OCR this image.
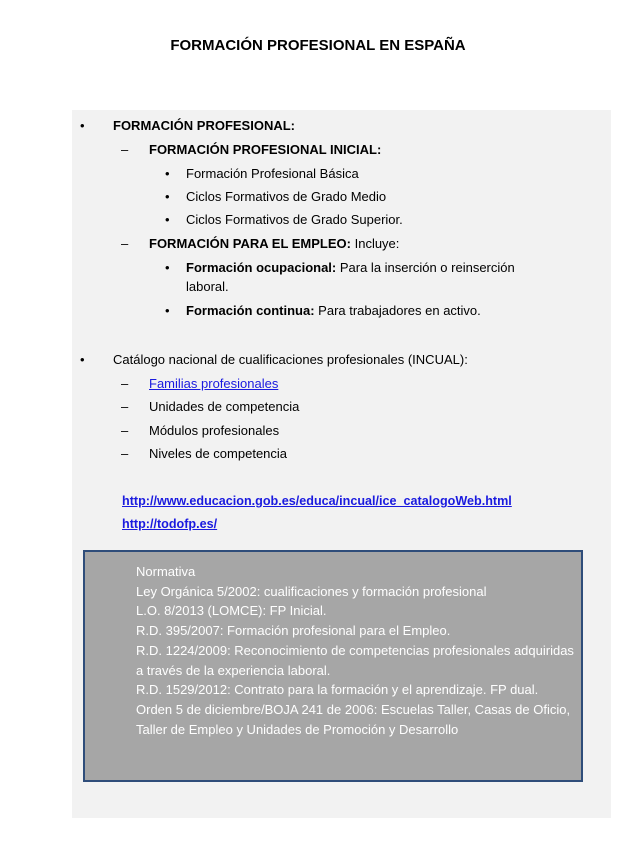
FORMACIÓN PROFESIONAL EN ESPAÑA
• FORMACIÓN PROFESIONAL:
– FORMACIÓN PROFESIONAL INICIAL:
• Formación Profesional Básica
• Ciclos Formativos de Grado Medio
• Ciclos Formativos de Grado Superior.
– FORMACIÓN PARA EL EMPLEO: Incluye:
• Formación ocupacional: Para la inserción o reinserción
laboral.
• Formación continua: Para trabajadores en activo.
• Catálogo nacional de cualificaciones profesionales (INCUAL):
– Familias profesionales
– Unidades de competencia
– Módulos profesionales
– Niveles de competencia
http://www.educacion.gob.es/educa/incual/ice_catalogoWeb.html
http://todofp.es/
Normativa
Ley Orgánica 5/2002: cualificaciones y formación profesional
L.O. 8/2013 (LOMCE): FP Inicial.
R.D. 395/2007: Formación profesional para el Empleo.
R.D. 1224/2009: Reconocimiento de competencias profesionales adquiridas a través de la experiencia laboral.
R.D. 1529/2012: Contrato para la formación y el aprendizaje. FP dual.
Orden 5 de diciembre/BOJA 241 de 2006: Escuelas Taller, Casas de Oficio, Taller de Empleo y Unidades de Promoción y Desarrollo
